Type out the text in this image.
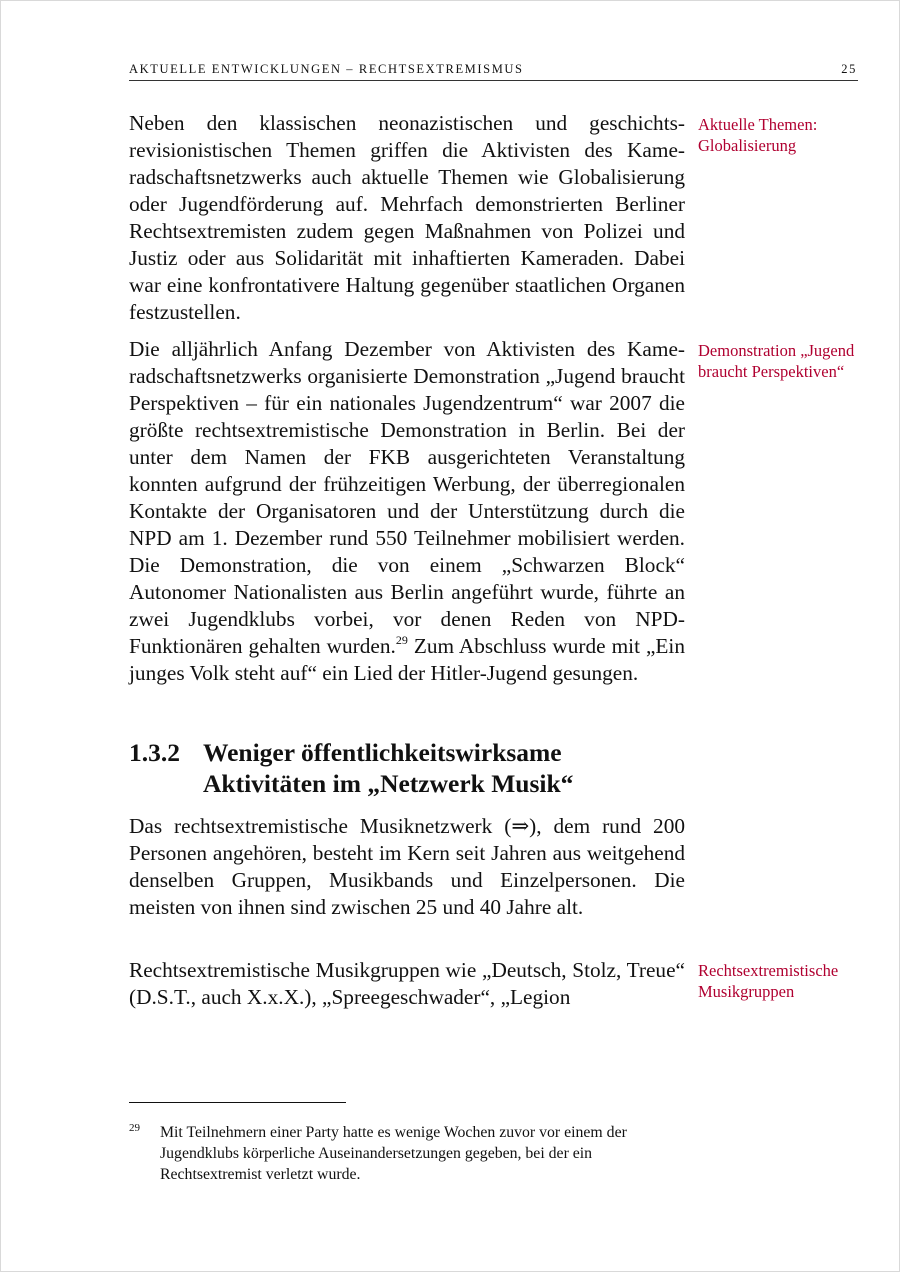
AKTUELLE ENTWICKLUNGEN – RECHTSEXTREMISMUS	25

Neben den klassischen neonazistischen und geschichtsrevisionistischen Themen griffen die Aktivisten des Kameradschaftsnetzwerks auch aktuelle Themen wie Globalisierung oder Jugendförderung auf. Mehrfach demonstrierten Berliner Rechtsextremisten zudem gegen Maßnahmen von Polizei und Justiz oder aus Solidarität mit inhaftierten Kameraden. Dabei war eine konfrontativere Haltung gegenüber staatlichen Organen festzustellen.

Aktuelle Themen: Globalisierung

Die alljährlich Anfang Dezember von Aktivisten des Kameradschaftsnetzwerks organisierte Demonstration „Jugend braucht Perspektiven – für ein nationales Jugendzentrum“ war 2007 die größte rechtsextremistische Demonstration in Berlin. Bei der unter dem Namen der FKB ausgerichteten Veranstaltung konnten aufgrund der frühzeitigen Werbung, der überregionalen Kontakte der Organisatoren und der Unterstützung durch die NPD am 1. Dezember rund 550 Teilnehmer mobilisiert werden. Die Demonstration, die von einem „Schwarzen Block“ Autonomer Nationalisten aus Berlin angeführt wurde, führte an zwei Jugendklubs vorbei, vor denen Reden von NPD-Funktionären gehalten wurden.$^{29}$ Zum Abschluss wurde mit „Ein junges Volk steht auf“ ein Lied der Hitler-Jugend gesungen.

Demonstration „Jugend braucht Perspektiven“
1.3.2 Weniger öffentlichkeitswirksame
Aktivitäten im „Netzwerk Musik“

Das rechtsextremistische Musiknetzwerk (⇒), dem rund 200 Personen angehören, besteht im Kern seit Jahren aus weitgehend denselben Gruppen, Musikbands und Einzelpersonen. Die meisten von ihnen sind zwischen 25 und 40 Jahre alt.

Rechtsextremistische Musikgruppen wie „Deutsch, Stolz, Treue“ (D.S.T., auch X.x.X.), „Spreegeschwader“, „Legion

Rechtsextremistische Musikgruppen
29	Mit Teilnehmern einer Party hatte es wenige Wochen zuvor vor einem der Jugendklubs körperliche Auseinandersetzungen gegeben, bei der ein Rechtsextremist verletzt wurde.
